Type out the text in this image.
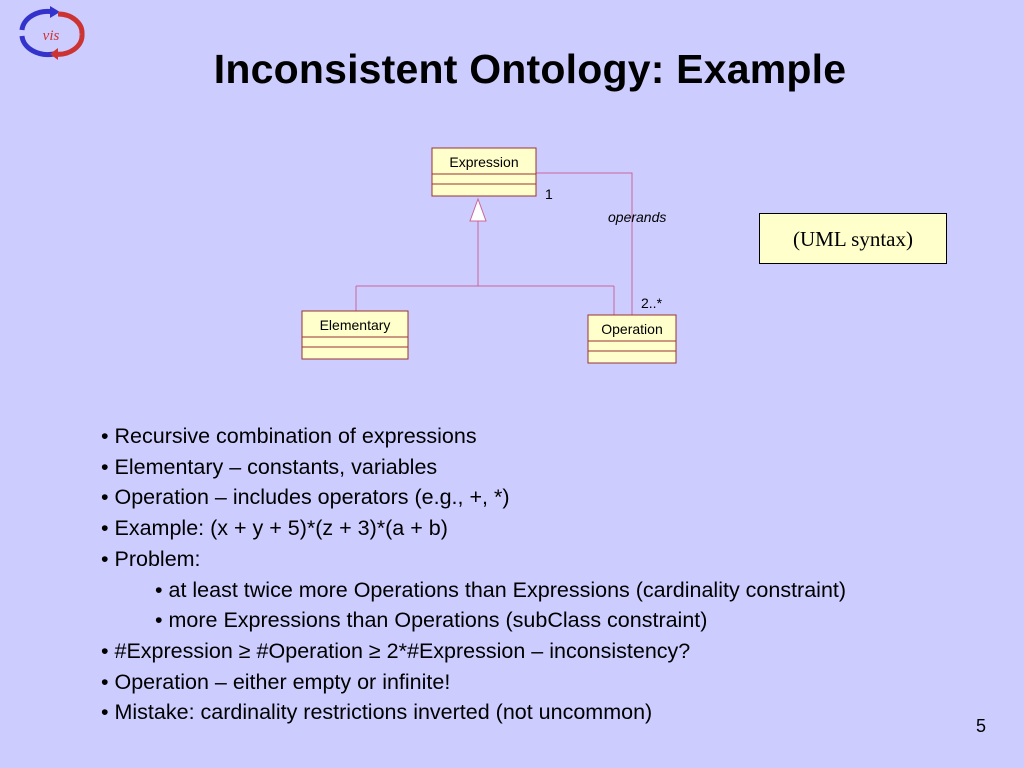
vis
Inconsistent Ontology: Example
Expression
Elementary	Operation
1
operands
2..*
(UML syntax)
• Recursive combination of expressions
• Elementary – constants, variables
• Operation – includes operators (e.g., +, *)
• Example: (x + y + 5)*(z + 3)*(a + b)
• Problem:
• at least twice more Operations than Expressions (cardinality constraint)
• more Expressions than Operations (subClass constraint)
• #Expression ≥ #Operation ≥ 2*#Expression – inconsistency?
• Operation – either empty or infinite!
• Mistake: cardinality restrictions inverted (not uncommon)
5
